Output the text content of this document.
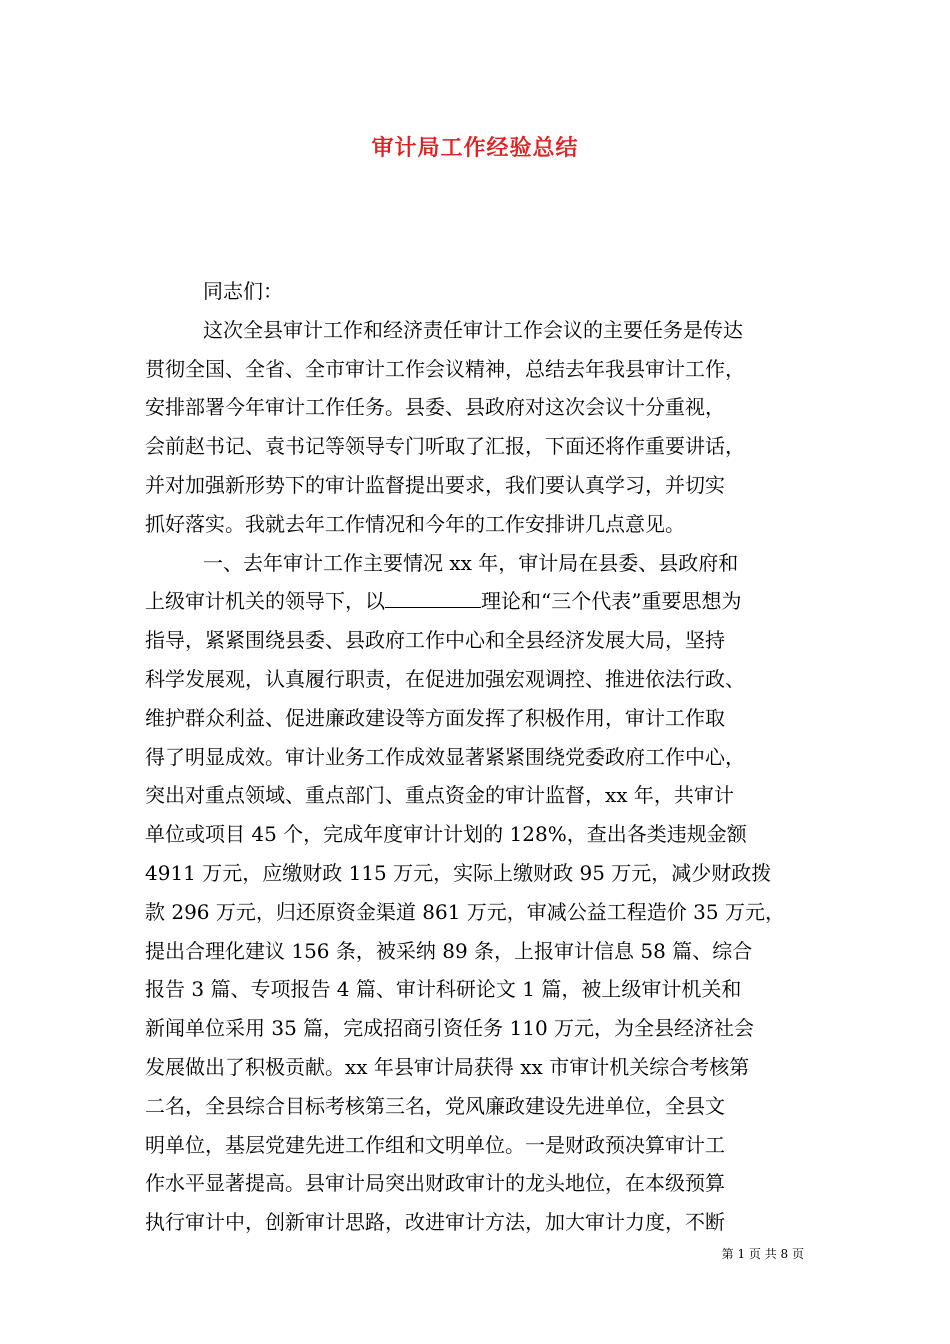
审计局工作经验总结
同志们：
这次全县审计工作和经济责任审计工作会议的主要任务是传达
贯彻全国、全省、全市审计工作会议精神，总结去年我县审计工作，
安排部署今年审计工作任务。县委、县政府对这次会议十分重视，
会前赵书记、袁书记等领导专门听取了汇报，下面还将作重要讲话，
并对加强新形势下的审计监督提出要求，我们要认真学习，并切实
抓好落实。我就去年工作情况和今年的工作安排讲几点意见。
一、去年审计工作主要情况 xx 年，审计局在县委、县政府和
上级审计机关的领导下，以	理论和“三个代表”重要思想为
指导，紧紧围绕县委、县政府工作中心和全县经济发展大局，坚持
科学发展观，认真履行职责，在促进加强宏观调控、推进依法行政、
维护群众利益、促进廉政建设等方面发挥了积极作用，审计工作取
得了明显成效。审计业务工作成效显著紧紧围绕党委政府工作中心，
突出对重点领域、重点部门、重点资金的审计监督，xx 年，共审计
单位或项目 45 个，完成年度审计计划的 128%，查出各类违规金额
4911 万元，应缴财政 115 万元，实际上缴财政 95 万元，减少财政拨
款 296 万元，归还原资金渠道 861 万元，审减公益工程造价 35 万元，
提出合理化建议 156 条，被采纳 89 条，上报审计信息 58 篇、综合
报告 3 篇、专项报告 4 篇、审计科研论文 1 篇，被上级审计机关和
新闻单位采用 35 篇，完成招商引资任务 110 万元，为全县经济社会
发展做出了积极贡献。xx 年县审计局获得 xx 市审计机关综合考核第
二名，全县综合目标考核第三名，党风廉政建设先进单位，全县文
明单位，基层党建先进工作组和文明单位。一是财政预决算审计工
作水平显著提高。县审计局突出财政审计的龙头地位，在本级预算
执行审计中，创新审计思路，改进审计方法，加大审计力度，不断
第 1 页 共 8 页
